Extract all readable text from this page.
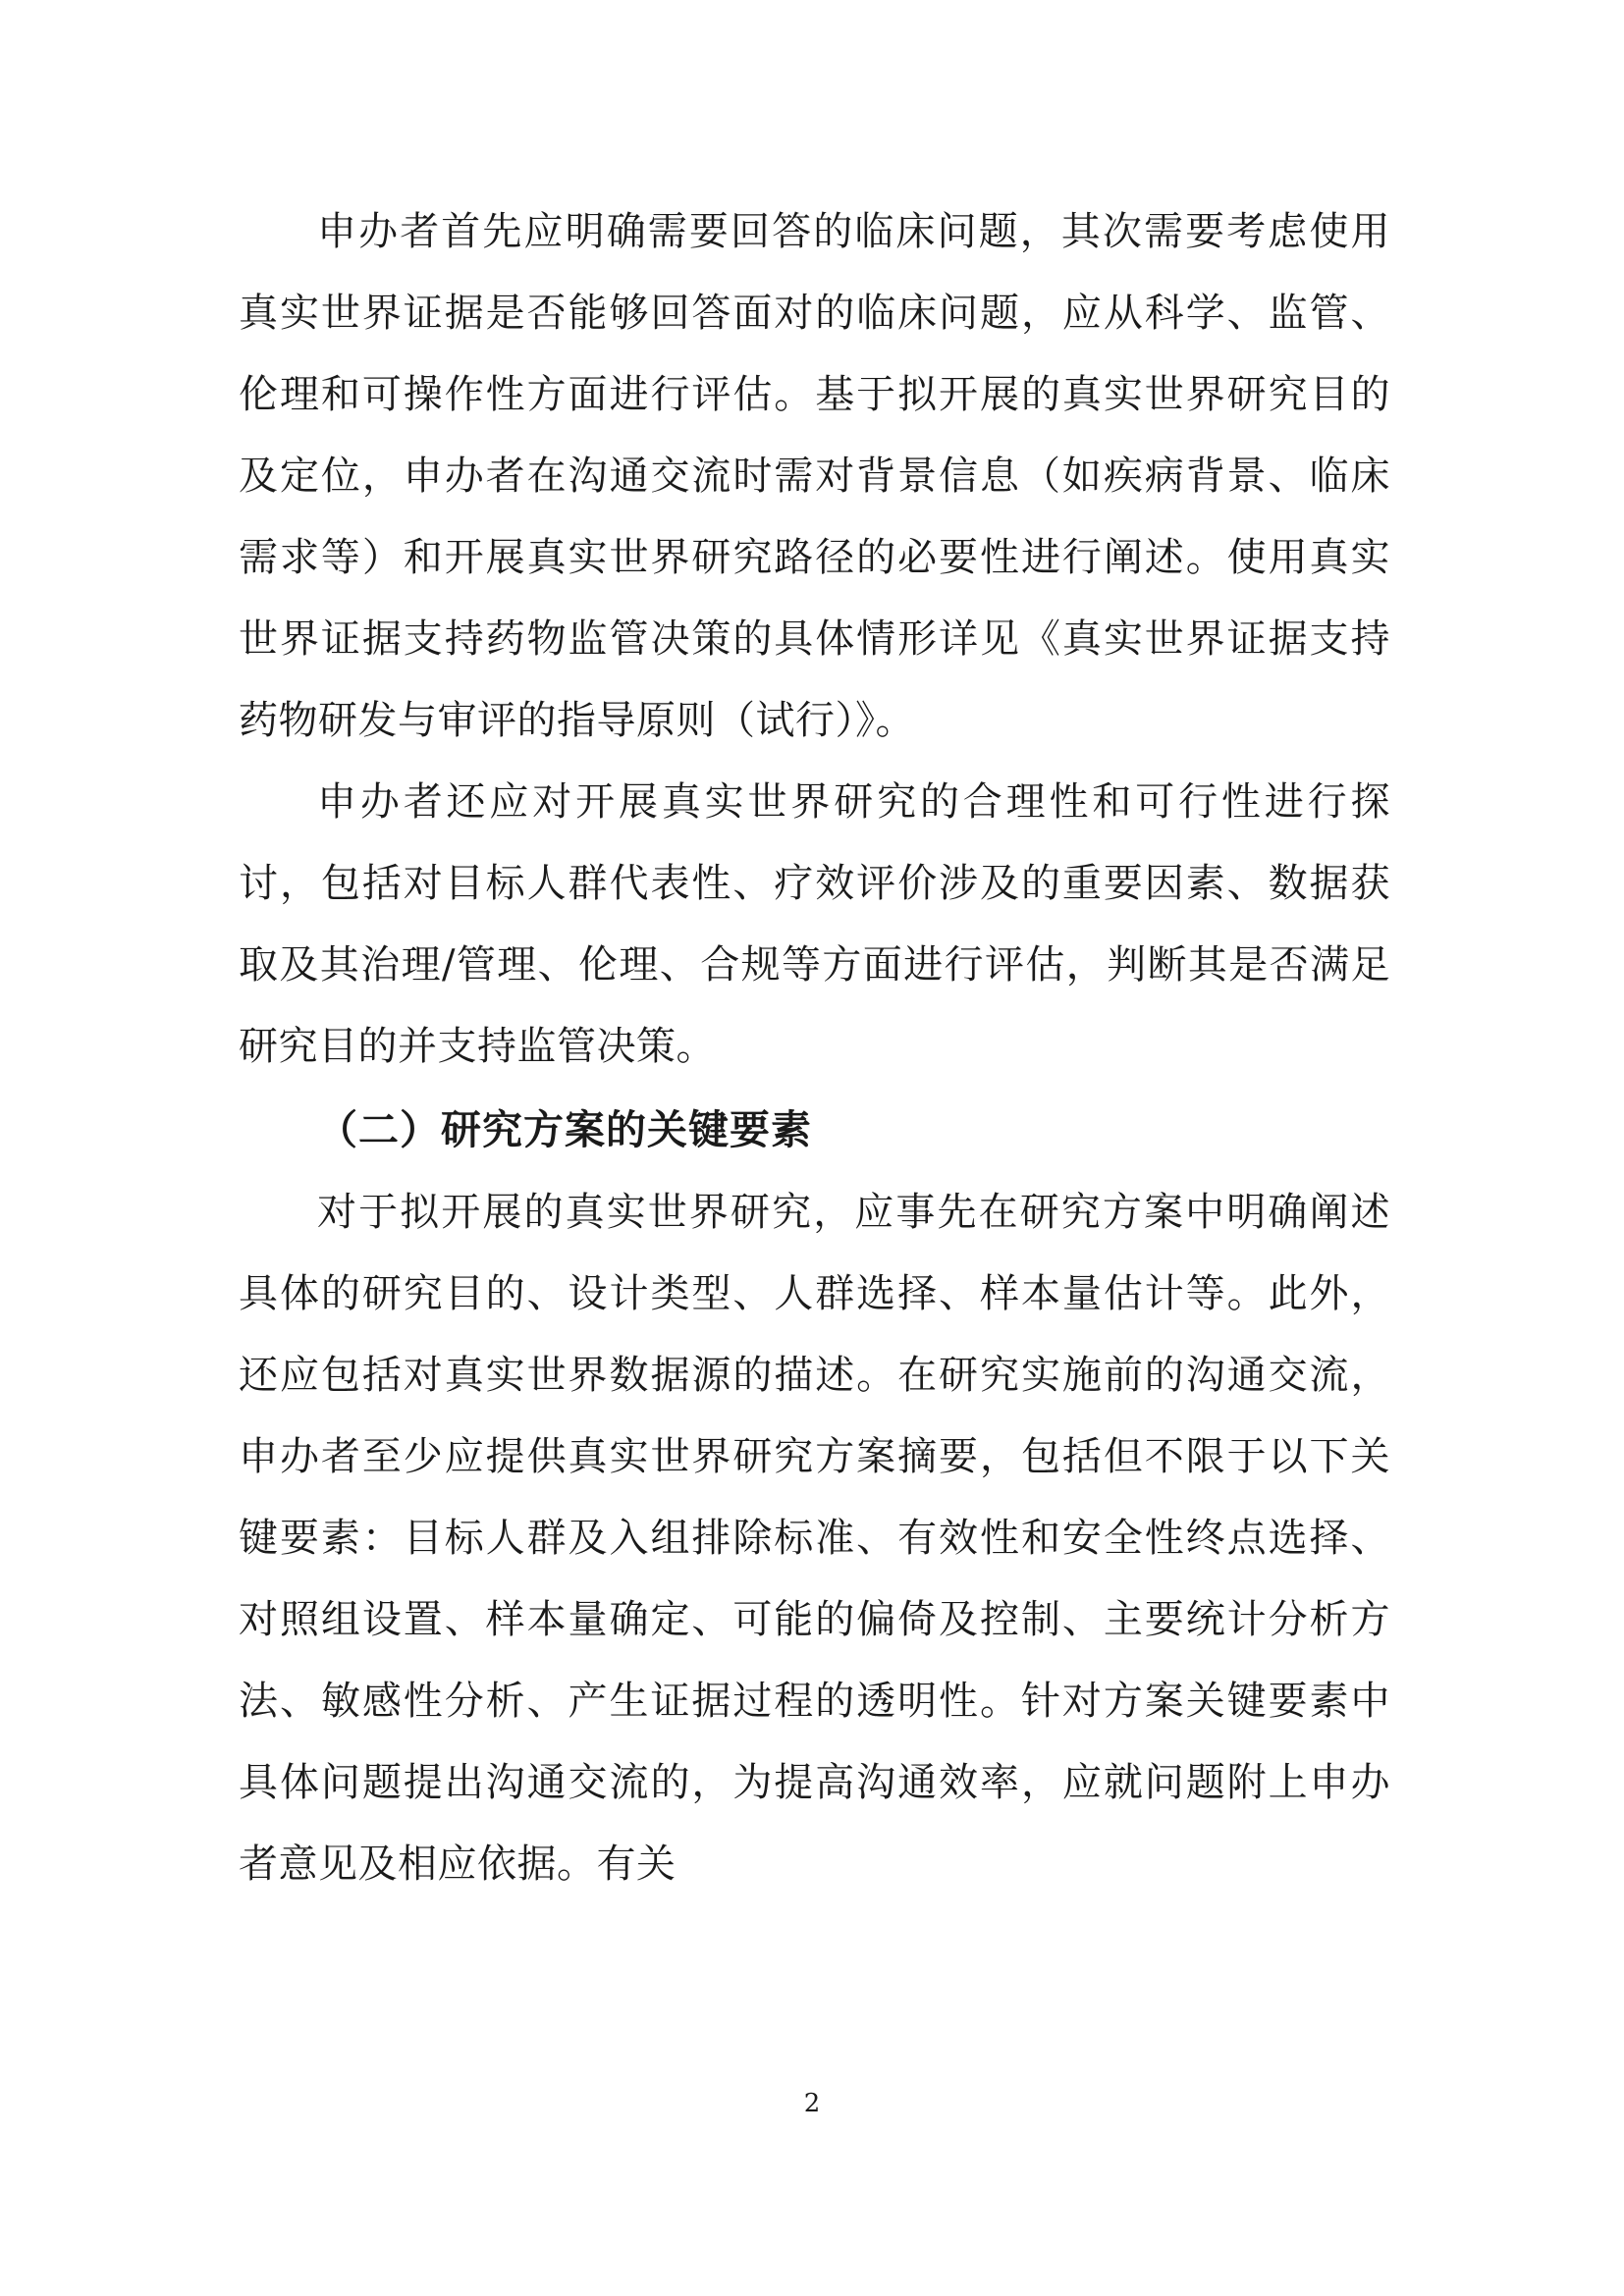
申办者首先应明确需要回答的临床问题，其次需要考虑使用真实世界证据是否能够回答面对的临床问题，应从科学、监管、伦理和可操作性方面进行评估。基于拟开展的真实世界研究目的及定位，申办者在沟通交流时需对背景信息（如疾病背景、临床需求等）和开展真实世界研究路径的必要性进行阐述。使用真实世界证据支持药物监管决策的具体情形详见《真实世界证据支持药物研发与审评的指导原则（试行）》。

申办者还应对开展真实世界研究的合理性和可行性进行探讨，包括对目标人群代表性、疗效评价涉及的重要因素、数据获取及其治理/管理、伦理、合规等方面进行评估，判断其是否满足研究目的并支持监管决策。

（二）研究方案的关键要素

对于拟开展的真实世界研究，应事先在研究方案中明确阐述具体的研究目的、设计类型、人群选择、样本量估计等。此外，还应包括对真实世界数据源的描述。在研究实施前的沟通交流，申办者至少应提供真实世界研究方案摘要，包括但不限于以下关键要素：目标人群及入组排除标准、有效性和安全性终点选择、对照组设置、样本量确定、可能的偏倚及控制、主要统计分析方法、敏感性分析、产生证据过程的透明性。针对方案关键要素中具体问题提出沟通交流的，为提高沟通效率，应就问题附上申办者意见及相应依据。有关

2
